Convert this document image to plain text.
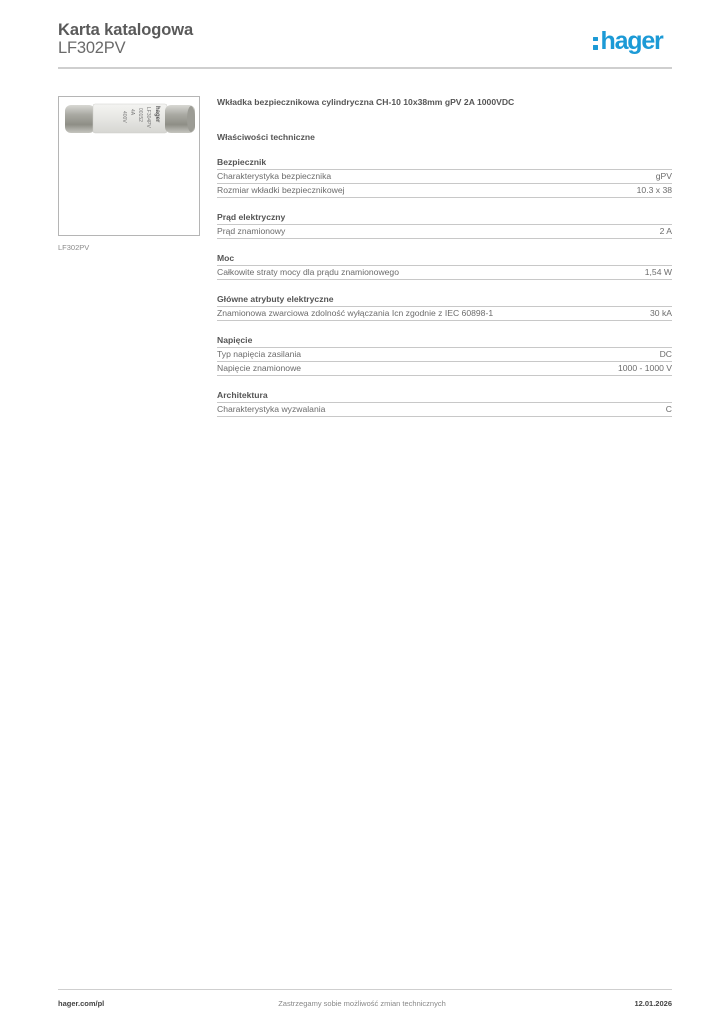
Karta katalogowa
LF302PV	hager
400V 4A 00152 LF304PV hager
LF302PV
Wkładka bezpiecznikowa cylindryczna CH-10 10x38mm gPV 2A 1000VDC
Właściwości techniczne
Bezpiecznik
Charakterystyka bezpiecznika	gPV
Rozmiar wkładki bezpiecznikowej	10.3 x 38
Prąd elektryczny
Prąd znamionowy	2 A
Moc
Całkowite straty mocy dla prądu znamionowego	1,54 W
Główne atrybuty elektryczne
Znamionowa zwarciowa zdolność wyłączania Icn zgodnie z IEC 60898-1	30 kA
Napięcie
Typ napięcia zasilania	DC
Napięcie znamionowe	1000 - 1000 V
Architektura
Charakterystyka wyzwalania	C
hager.com/pl	Zastrzegamy sobie możliwość zmian technicznych	12.01.2026
